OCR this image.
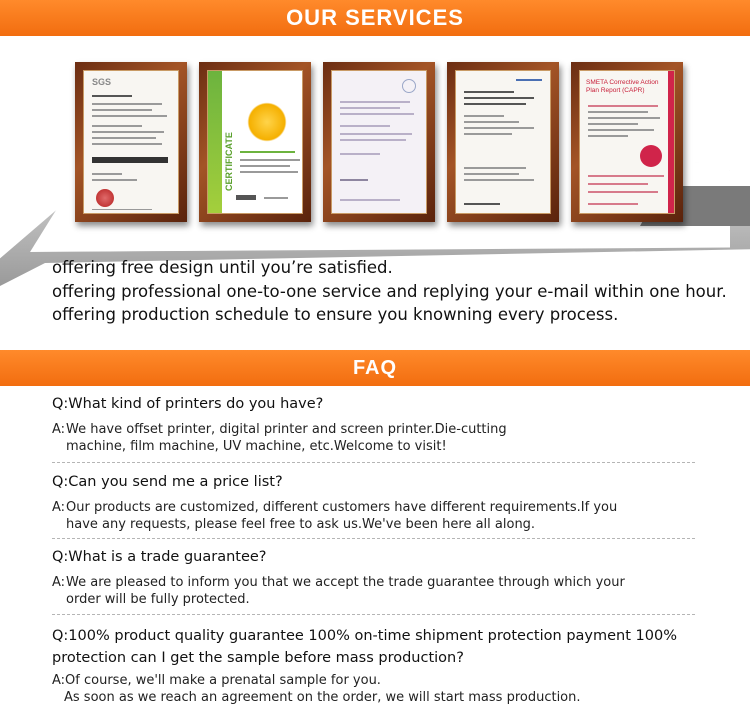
OUR SERVICES
SGS
CERTIFICATE
SMETA Corrective Action Plan Report (CAPR)

offering free design until you’re satisfied.

offering professional one-to-one service and replying your e-mail within one hour.

offering production schedule to ensure you knowning every process.

FAQ
Q:What kind of printers do you have?
A: We have offset printer, digital printer and screen printer.Die-cutting machine, film machine, UV machine, etc.Welcome to visit!
Q:Can you send me a price list?
A: Our products are customized, different customers have different requirements.If you have any requests, please feel free to ask us.We've been here all along.
Q:What is a trade guarantee?
A: We are pleased to inform you that we accept the trade guarantee through which your order will be fully protected.
Q:100% product quality guarantee 100% on-time shipment protection payment 100% protection can I get the sample before mass production?
A:Of course, we'll make a prenatal sample for you.
As soon as we reach an agreement on the order, we will start mass production.
